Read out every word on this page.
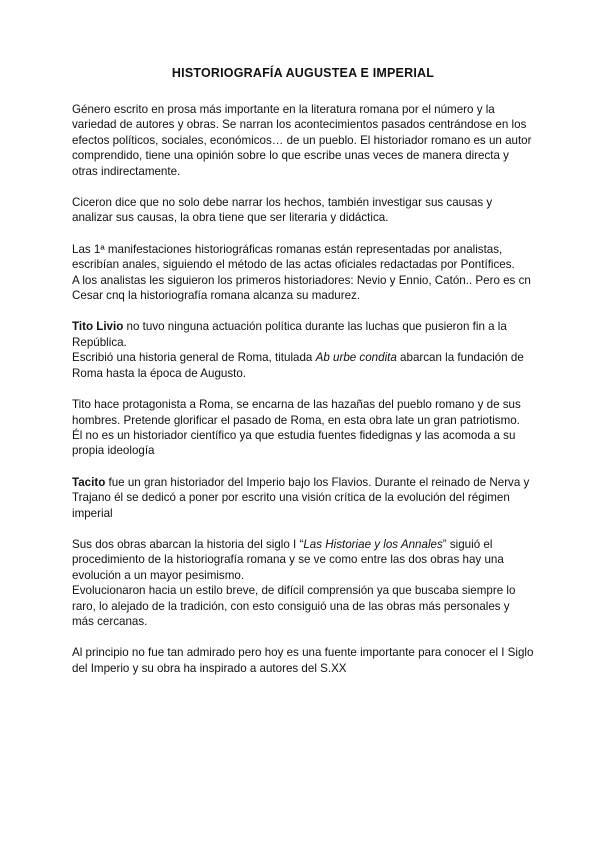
HISTORIOGRAFÍA AUGUSTEA E IMPERIAL

Género escrito en prosa más importante en la literatura romana por el número y la variedad de autores y obras. Se narran los acontecimientos pasados centrándose en los efectos políticos, sociales, económicos… de un pueblo. El historiador romano es un autor comprendido, tiene una opinión sobre lo que escribe unas veces de manera directa y otras indirectamente.

Ciceron dice que no solo debe narrar los hechos, también investigar sus causas y analizar sus causas, la obra tiene que ser literaria y didáctica.

Las 1ª manifestaciones historiográficas romanas están representadas por analistas, escribían anales, siguiendo el método de las actas oficiales redactadas por Pontífices.
A los analistas les siguieron los primeros historiadores: Nevio y Ennio, Catón.. Pero es cn Cesar cnq la historiografía romana alcanza su madurez.

Tito Livio no tuvo ninguna actuación política durante las luchas que pusieron fin a la República.
Escribió una historia general de Roma, titulada Ab urbe condita abarcan la fundación de Roma hasta la época de Augusto.

Tito hace protagonista a Roma, se encarna de las hazañas del pueblo romano y de sus hombres. Pretende glorificar el pasado de Roma, en esta obra late un gran patriotismo.
Él no es un historiador científico ya que estudia fuentes fidedignas y las acomoda a su propia ideología

Tacito fue un gran historiador del Imperio bajo los Flavios. Durante el reinado de Nerva y Trajano él se dedicó a poner por escrito una visión crítica de la evolución del régimen imperial

Sus dos obras abarcan la historia del siglo I “Las Historiae y los Annales” siguió el procedimiento de la historiografía romana y se ve como entre las dos obras hay una evolución a un mayor pesimismo.
Evolucionaron hacia un estilo breve, de difícil comprensión ya que buscaba siempre lo raro, lo alejado de la tradición, con esto consiguió una de las obras más personales y más cercanas.

Al principio no fue tan admirado pero hoy es una fuente importante para conocer el I Siglo del Imperio y su obra ha inspirado a autores del S.XX
